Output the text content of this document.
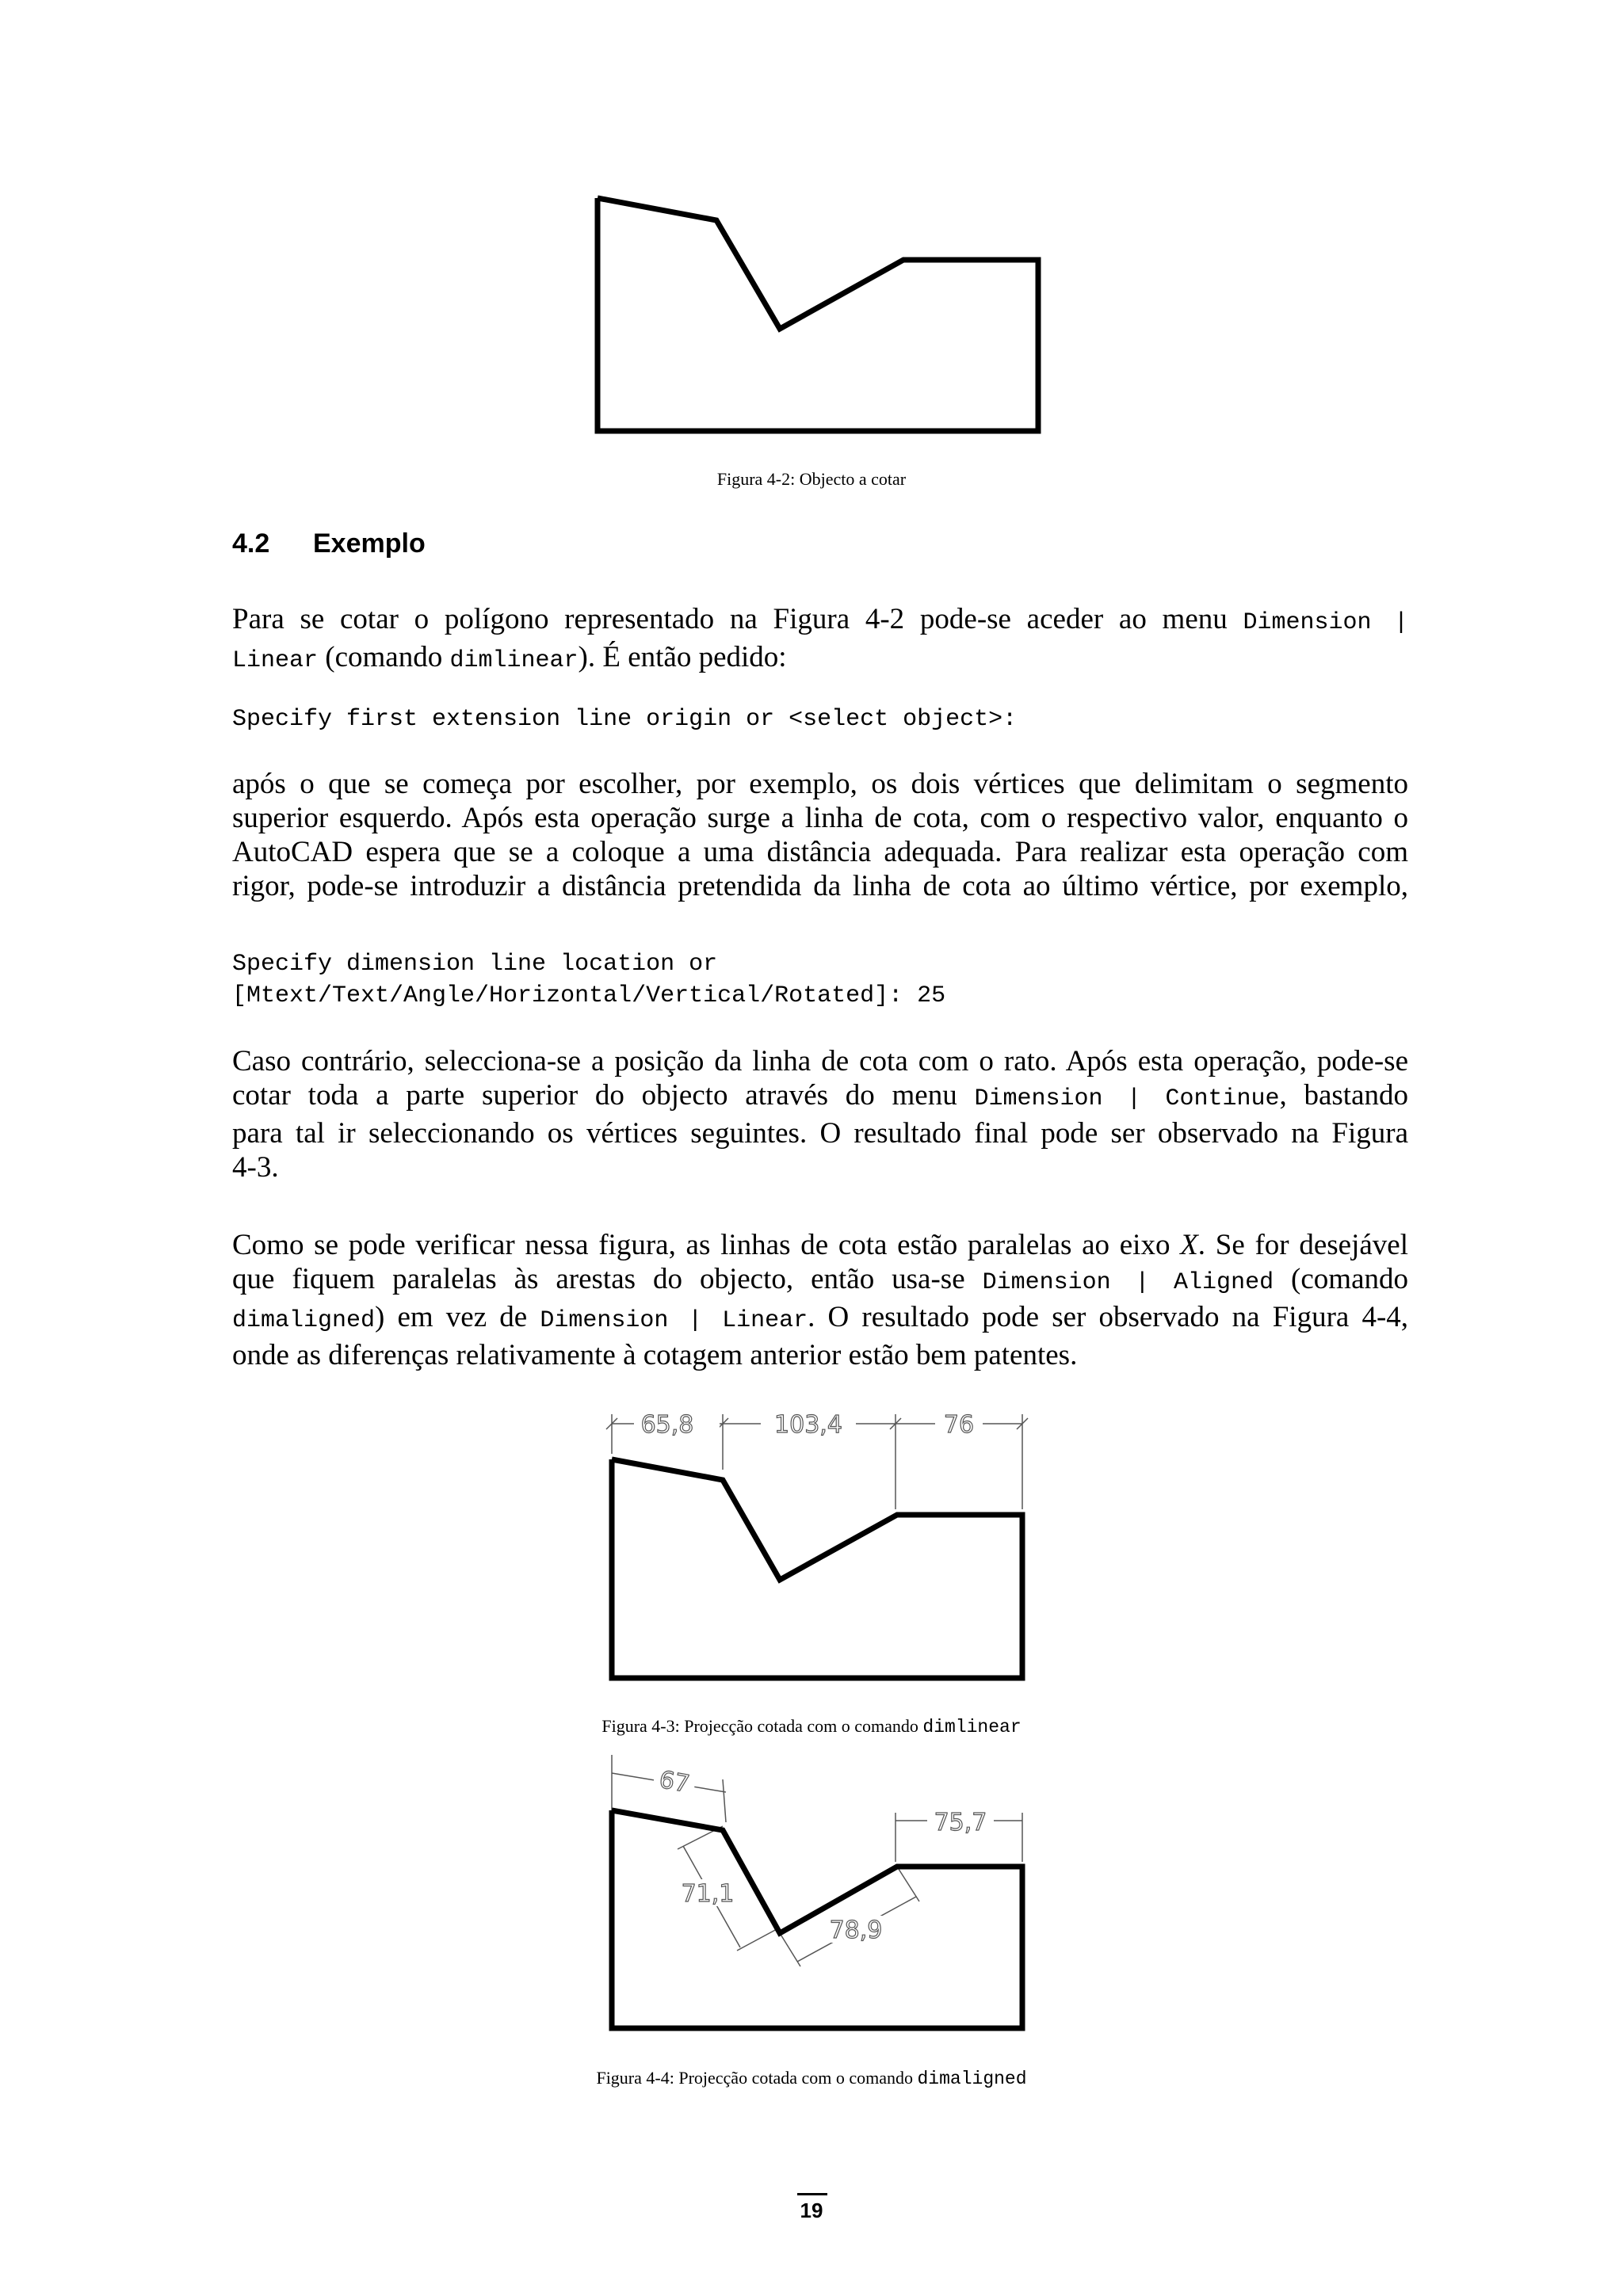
Figura 4-2: Objecto a cotar
4.2 Exemplo
Para se cotar o polígono representado na Figura 4-2 pode-se aceder ao menu Dimension |
Linear (comando dimlinear). É então pedido:
Specify first extension line origin or <select object>:
após o que se começa por escolher, por exemplo, os dois vértices que delimitam o segmento
superior esquerdo. Após esta operação surge a linha de cota, com o respectivo valor, enquanto o
AutoCAD espera que se a coloque a uma distância adequada. Para realizar esta operação com
rigor, pode-se introduzir a distância pretendida da linha de cota ao último vértice, por exemplo,
Specify dimension line location or
[Mtext/Text/Angle/Horizontal/Vertical/Rotated]: 25
Caso contrário, selecciona-se a posição da linha de cota com o rato. Após esta operação, pode-se
cotar toda a parte superior do objecto através do menu Dimension | Continue, bastando
para tal ir seleccionando os vértices seguintes. O resultado final pode ser observado na Figura
4-3.
Como se pode verificar nessa figura, as linhas de cota estão paralelas ao eixo X. Se for desejável
que fiquem paralelas às arestas do objecto, então usa-se Dimension | Aligned (comando
dimaligned) em vez de Dimension | Linear. O resultado pode ser observado na Figura 4-4,
onde as diferenças relativamente à cotagem anterior estão bem patentes.
65,8	103,4	76
Figura 4-3: Projecção cotada com o comando dimlinear
67
71,1
78,9
75,7
Figura 4-4: Projecção cotada com o comando dimaligned
19
